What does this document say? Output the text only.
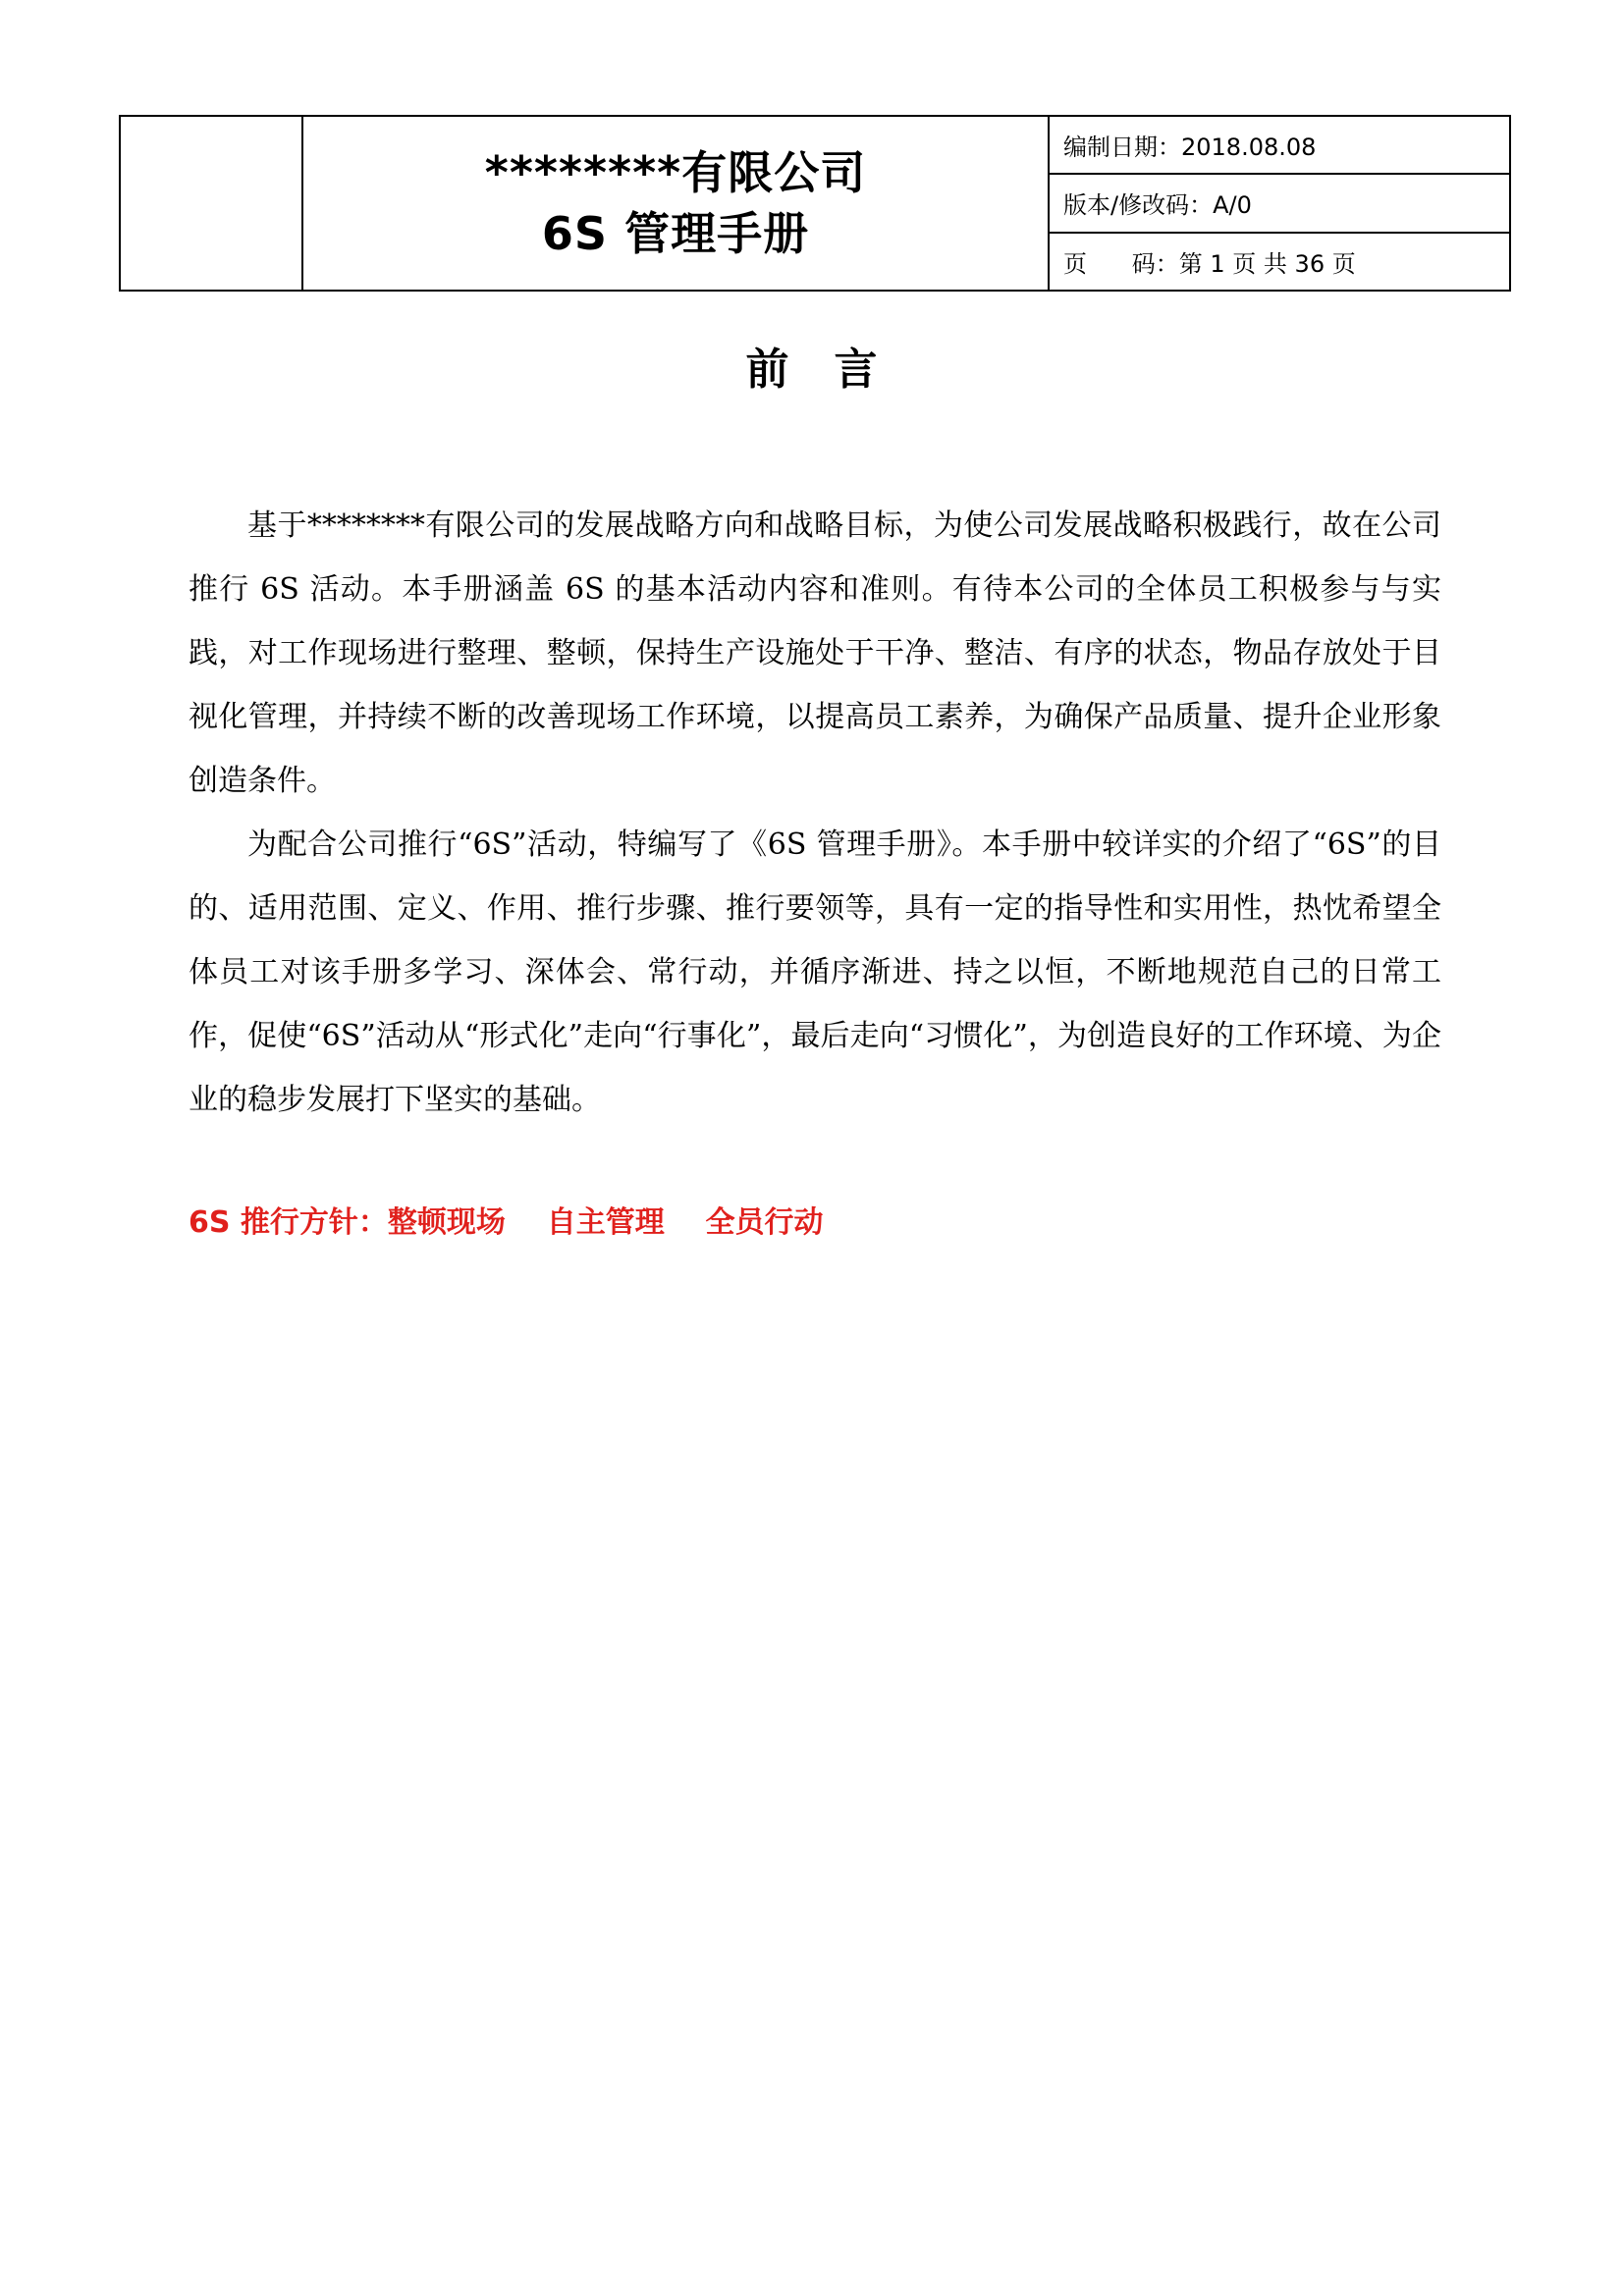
********有限公司
6S 管理手册
编制日期：2018.08.08
版本/修改码：A/0
页      码：第 1 页 共 36 页
前言

基于********有限公司的发展战略方向和战略目标，为使公司发展战略积极践行，故在公司推行 6S 活动。本手册涵盖 6S 的基本活动内容和准则。有待本公司的全体员工积极参与与实践，对工作现场进行整理、整顿，保持生产设施处于干净、整洁、有序的状态，物品存放处于目视化管理，并持续不断的改善现场工作环境，以提高员工素养，为确保产品质量、提升企业形象创造条件。

为配合公司推行“6S”活动，特编写了《6S 管理手册》。本手册中较详实的介绍了“6S”的目的、适用范围、定义、作用、推行步骤、推行要领等，具有一定的指导性和实用性，热忱希望全体员工对该手册多学习、深体会、常行动，并循序渐进、持之以恒，不断地规范自己的日常工作，促使“6S”活动从“形式化”走向“行事化”，最后走向“习惯化”，为创造良好的工作环境、为企业的稳步发展打下坚实的基础。

6S 推行方针：整顿现场    自主管理    全员行动
